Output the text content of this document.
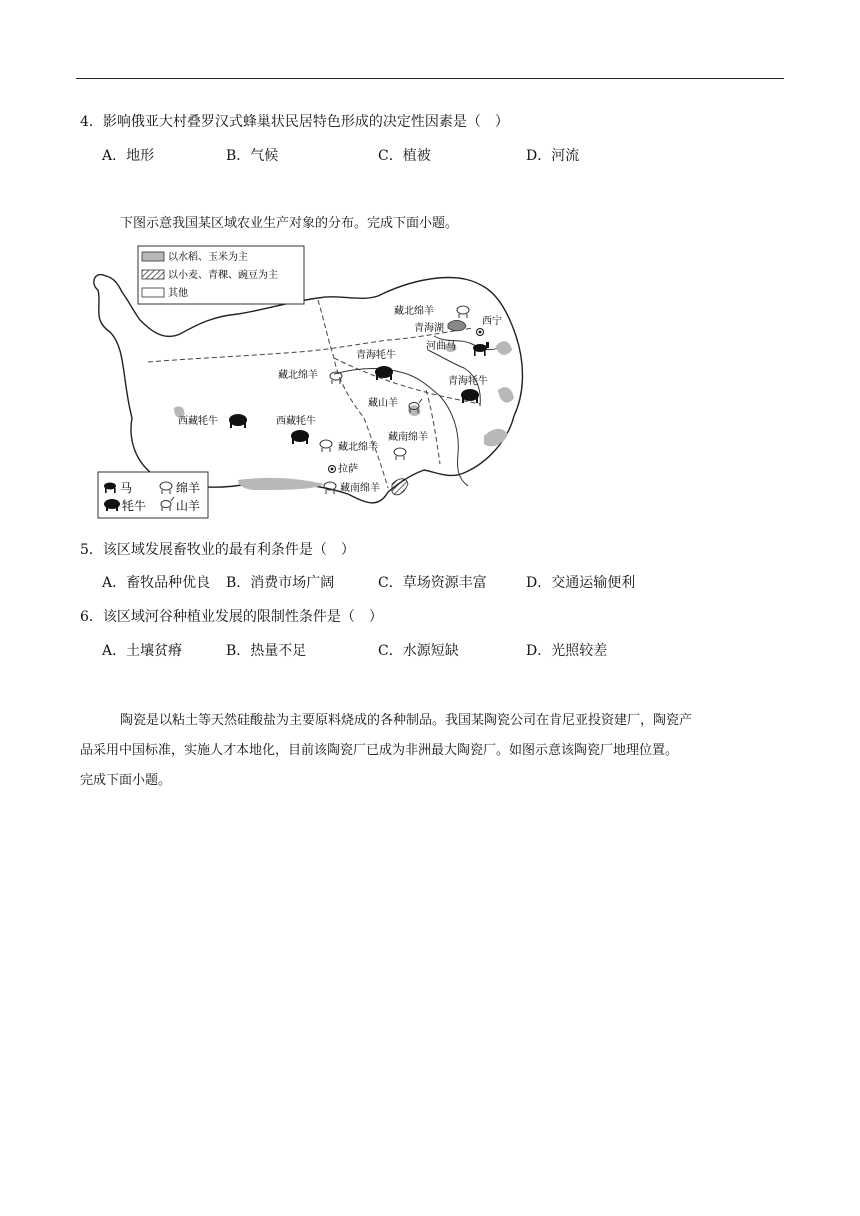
4．影响俄亚大村叠罗汉式蜂巢状民居特色形成的决定性因素是（　）
A．地形	B．气候	C．植被	D．河流
下图示意我国某区域农业生产对象的分布。完成下面小题。
藏北绵羊
青海湖
西宁
河曲马
青海牦牛
藏北绵羊
青海牦牛
藏山羊
西藏牦牛	西藏牦牛
藏北绵羊
藏南绵羊
拉萨
藏南绵羊
以水稻、玉米为主
以小麦、青稞、豌豆为主
其他
马	绵羊
牦牛 山羊
5．该区域发展畜牧业的最有利条件是（　）
A．畜牧品种优良 B．消费市场广阔	C．草场资源丰富	D．交通运输便利
6．该区域河谷种植业发展的限制性条件是（　）
A．土壤贫瘠	B．热量不足	C．水源短缺	D．光照较差

陶瓷是以粘土等天然硅酸盐为主要原料烧成的各种制品。我国某陶瓷公司在肯尼亚投资建厂，陶瓷产

品采用中国标准，实施人才本地化，目前该陶瓷厂已成为非洲最大陶瓷厂。如图示意该陶瓷厂地理位置。

完成下面小题。
